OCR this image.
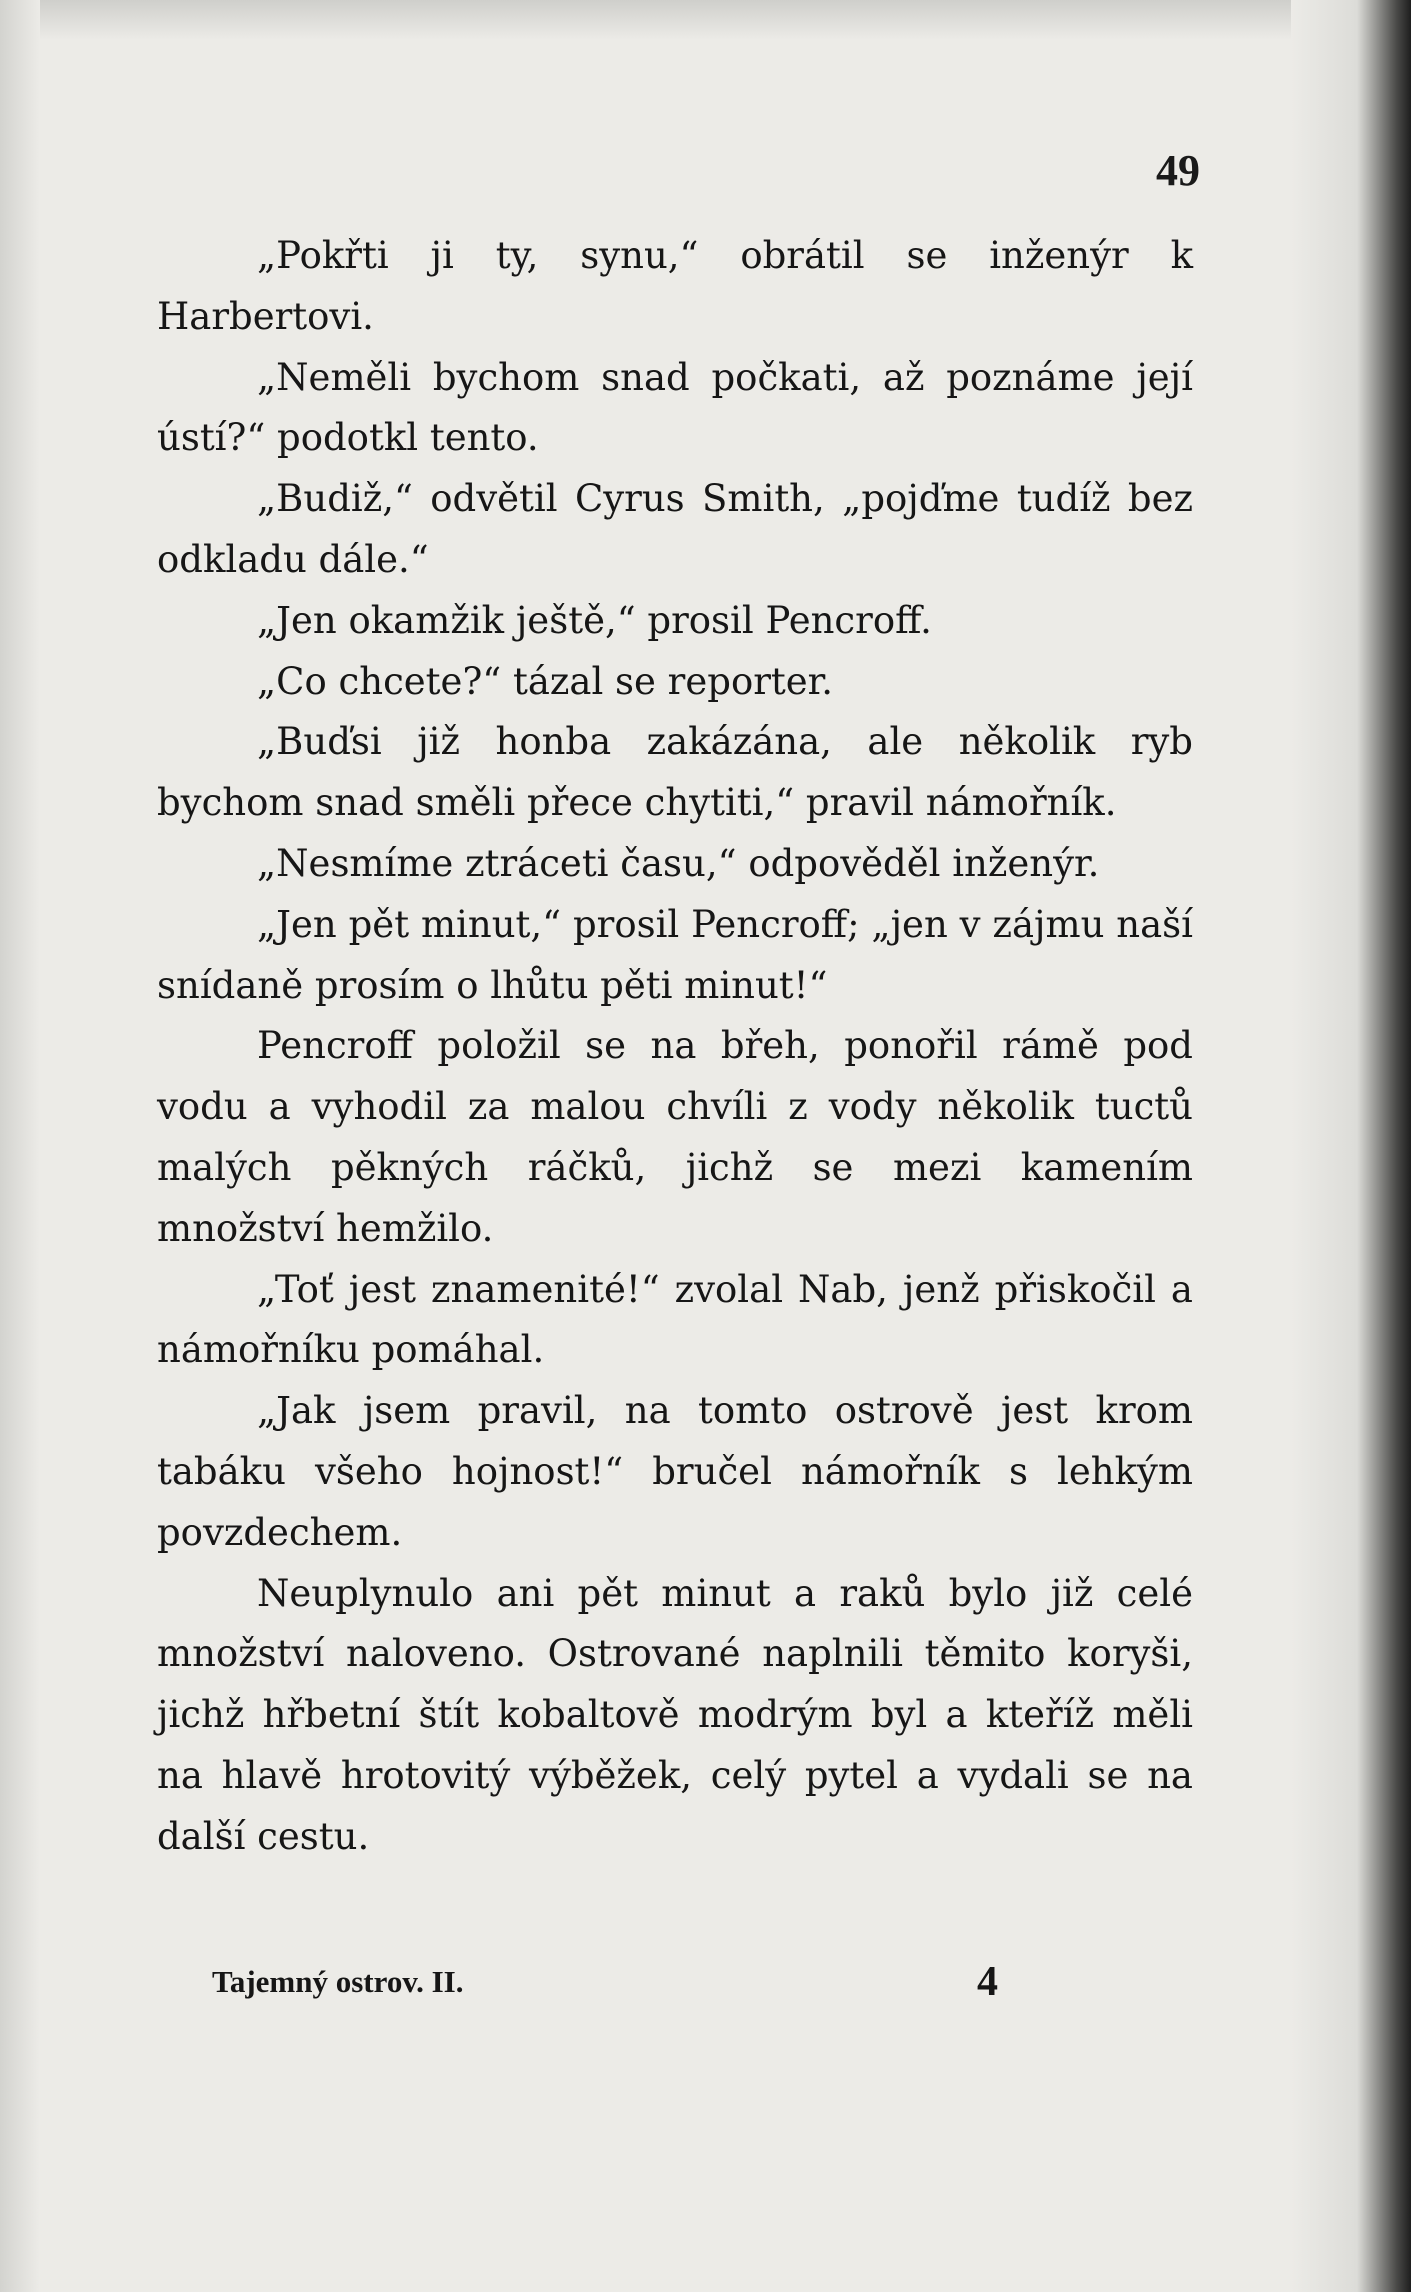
49

„Pokřti ji ty, synu,“ obrátil se inženýr k Harbertovi.

„Neměli bychom snad počkati, až poznáme její ústí?“ podotkl tento.

„Budiž,“ odvětil Cyrus Smith, „pojďme tudíž bez odkladu dále.“

„Jen okamžik ještě,“ prosil Pencroff.

„Co chcete?“ tázal se reporter.

„Buďsi již honba zakázána, ale několik ryb bychom snad směli přece chytiti,“ pravil námořník.

„Nesmíme ztráceti času,“ odpověděl inženýr.

„Jen pět minut,“ prosil Pencroff; „jen v zájmu naší snídaně prosím o lhůtu pěti minut!“

Pencroff položil se na břeh, ponořil rámě pod vodu a vyhodil za malou chvíli z vody několik tuctů malých pěkných ráčků, jichž se mezi kamením množství hemžilo.

„Toť jest znamenité!“ zvolal Nab, jenž přiskočil a námořníku pomáhal.

„Jak jsem pravil, na tomto ostrově jest krom tabáku všeho hojnost!“ bručel námořník s lehkým povzdechem.

Neuplynulo ani pět minut a raků bylo již celé množství naloveno. Ostrované naplnili těmito koryši, jichž hřbetní štít kobaltově modrým byl a kteříž měli na hlavě hrotovitý výběžek, celý pytel a vydali se na další cestu.

Tajemný ostrov. II.	4
